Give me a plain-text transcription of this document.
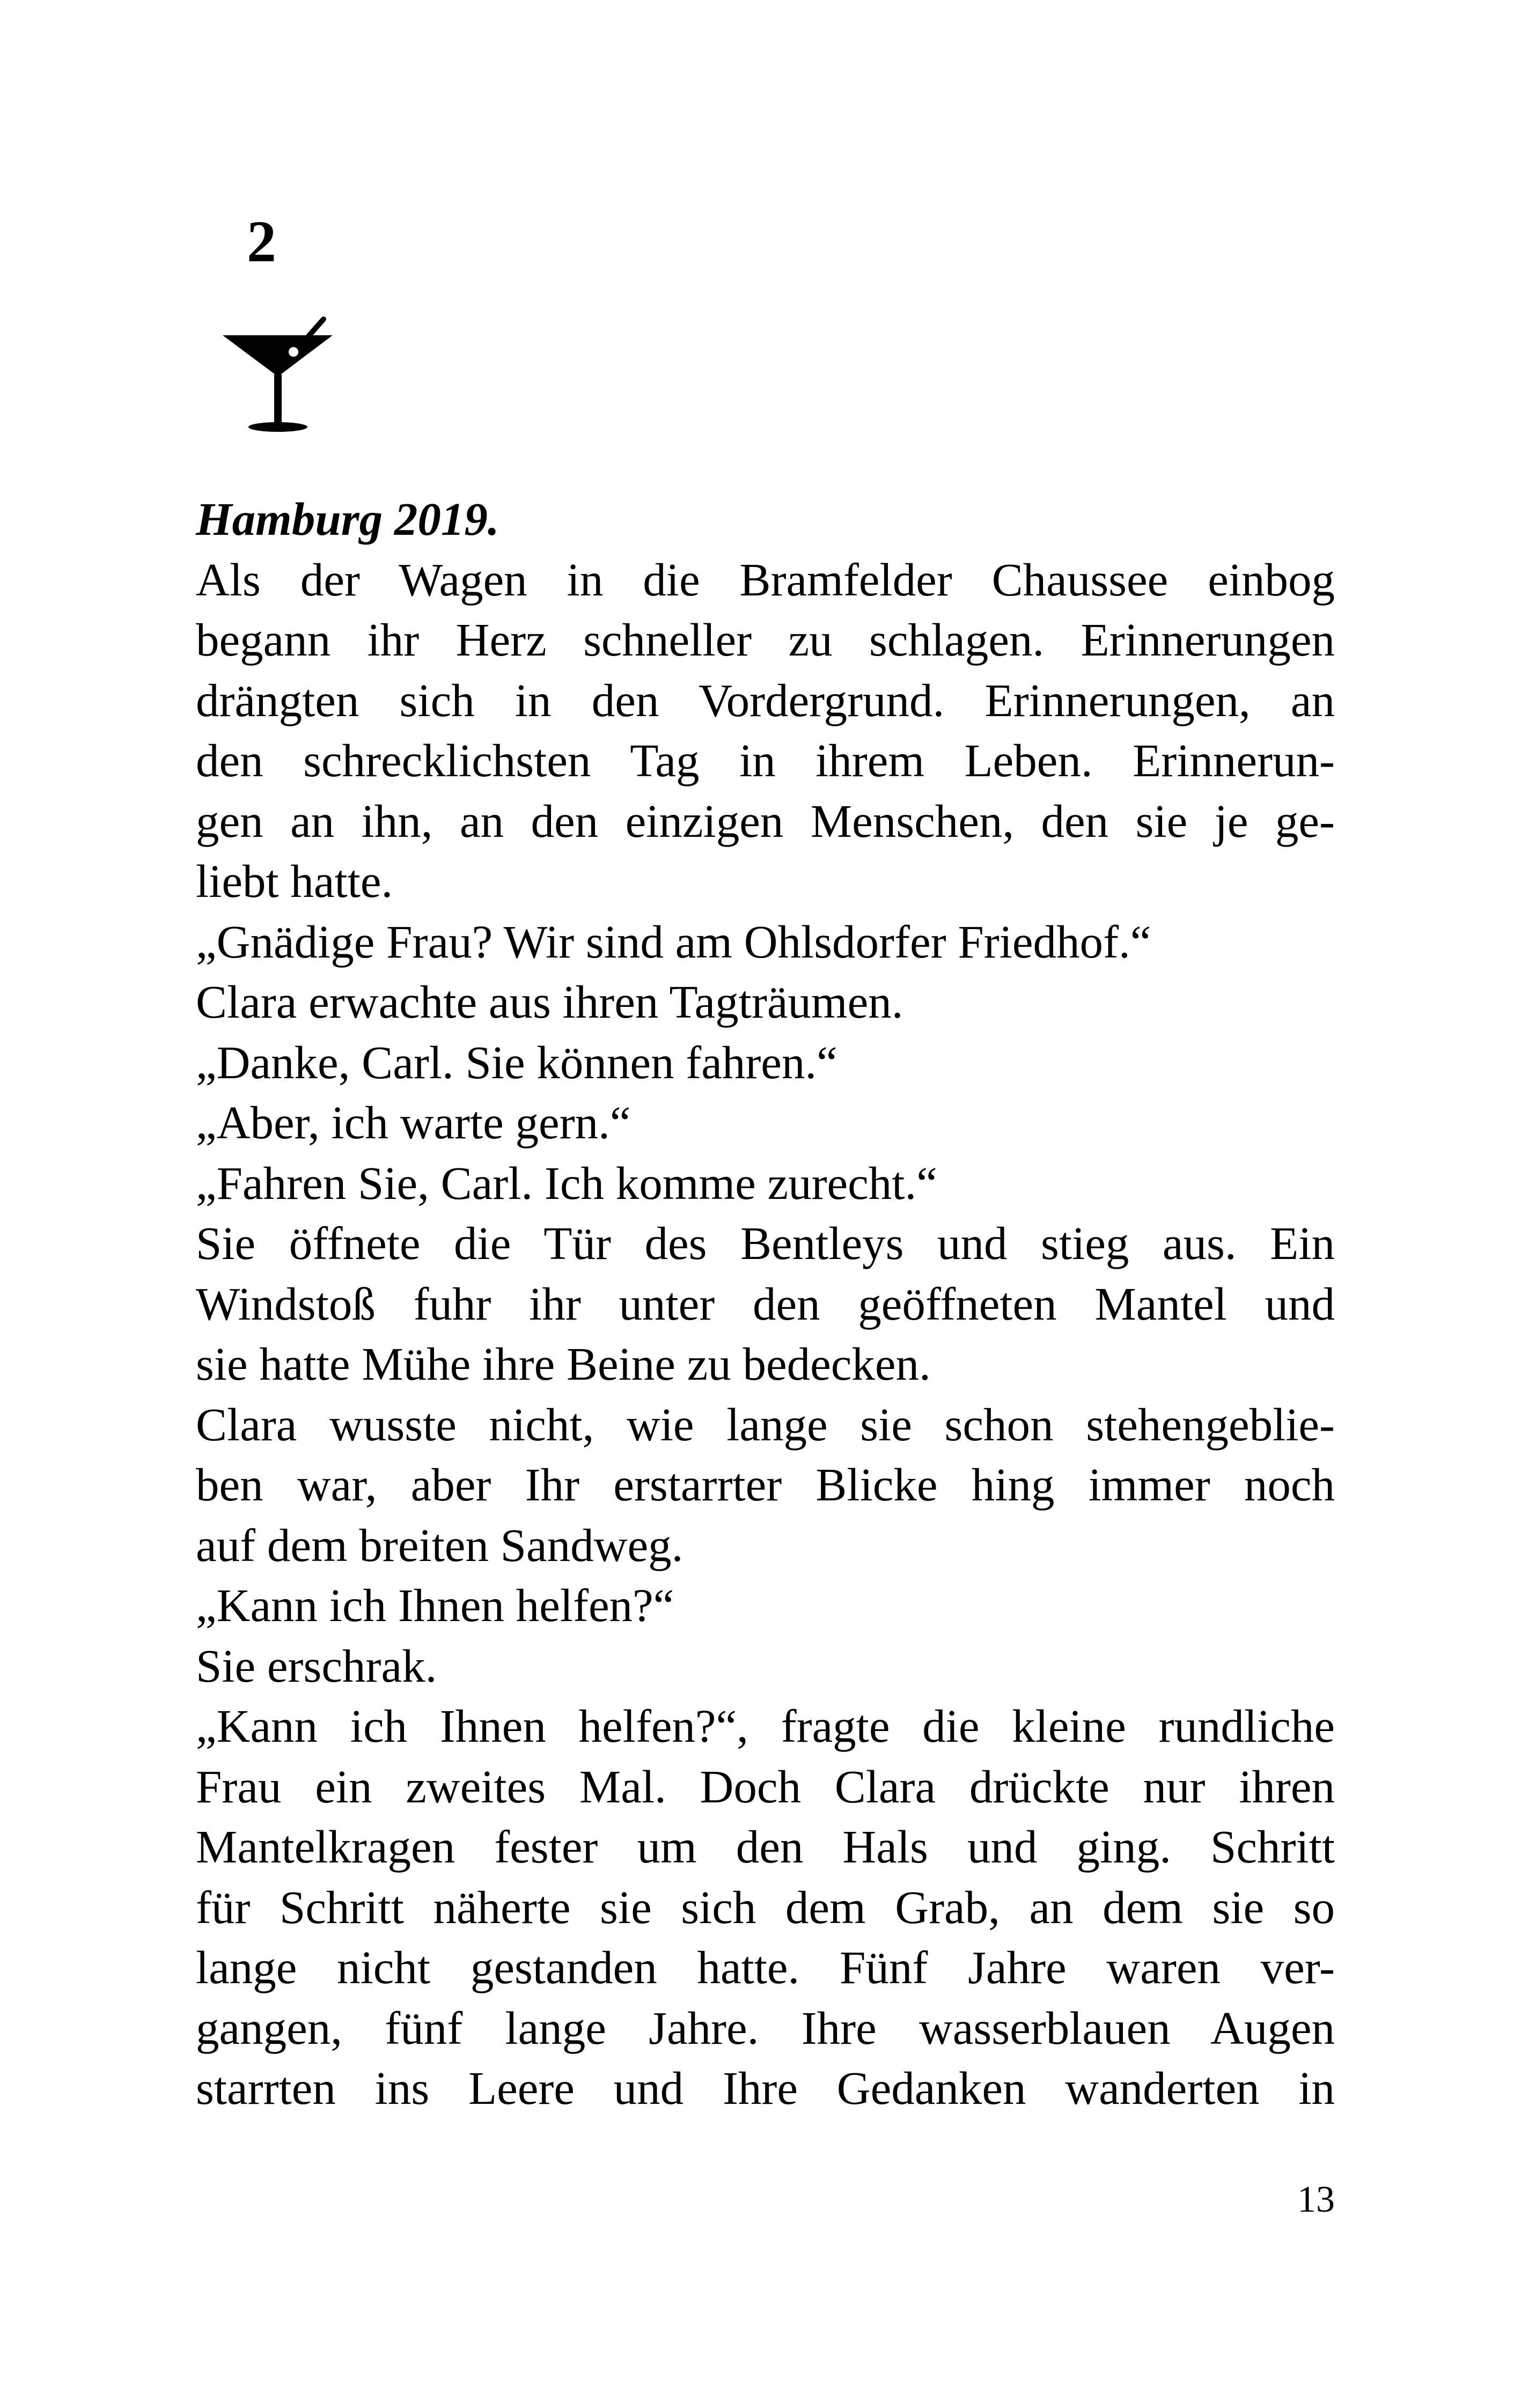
2
Hamburg 2019.
Als der Wagen in die Bramfelder Chaussee einbog
begann ihr Herz schneller zu schlagen. Erinnerungen
drängten sich in den Vordergrund. Erinnerungen, an
den schrecklichsten Tag in ihrem Leben. Erinnerun-
gen an ihn, an den einzigen Menschen, den sie je ge-
liebt hatte.
„Gnädige Frau? Wir sind am Ohlsdorfer Friedhof.“
Clara erwachte aus ihren Tagträumen.
„Danke, Carl. Sie können fahren.“
„Aber, ich warte gern.“
„Fahren Sie, Carl. Ich komme zurecht.“
Sie öffnete die Tür des Bentleys und stieg aus. Ein
Windstoß fuhr ihr unter den geöffneten Mantel und
sie hatte Mühe ihre Beine zu bedecken.
Clara wusste nicht, wie lange sie schon stehengeblie-
ben war, aber Ihr erstarrter Blicke hing immer noch
auf dem breiten Sandweg.
„Kann ich Ihnen helfen?“
Sie erschrak.
„Kann ich Ihnen helfen?“, fragte die kleine rundliche
Frau ein zweites Mal. Doch Clara drückte nur ihren
Mantelkragen fester um den Hals und ging. Schritt
für Schritt näherte sie sich dem Grab, an dem sie so
lange nicht gestanden hatte. Fünf Jahre waren ver-
gangen, fünf lange Jahre. Ihre wasserblauen Augen
starrten ins Leere und Ihre Gedanken wanderten in
13
